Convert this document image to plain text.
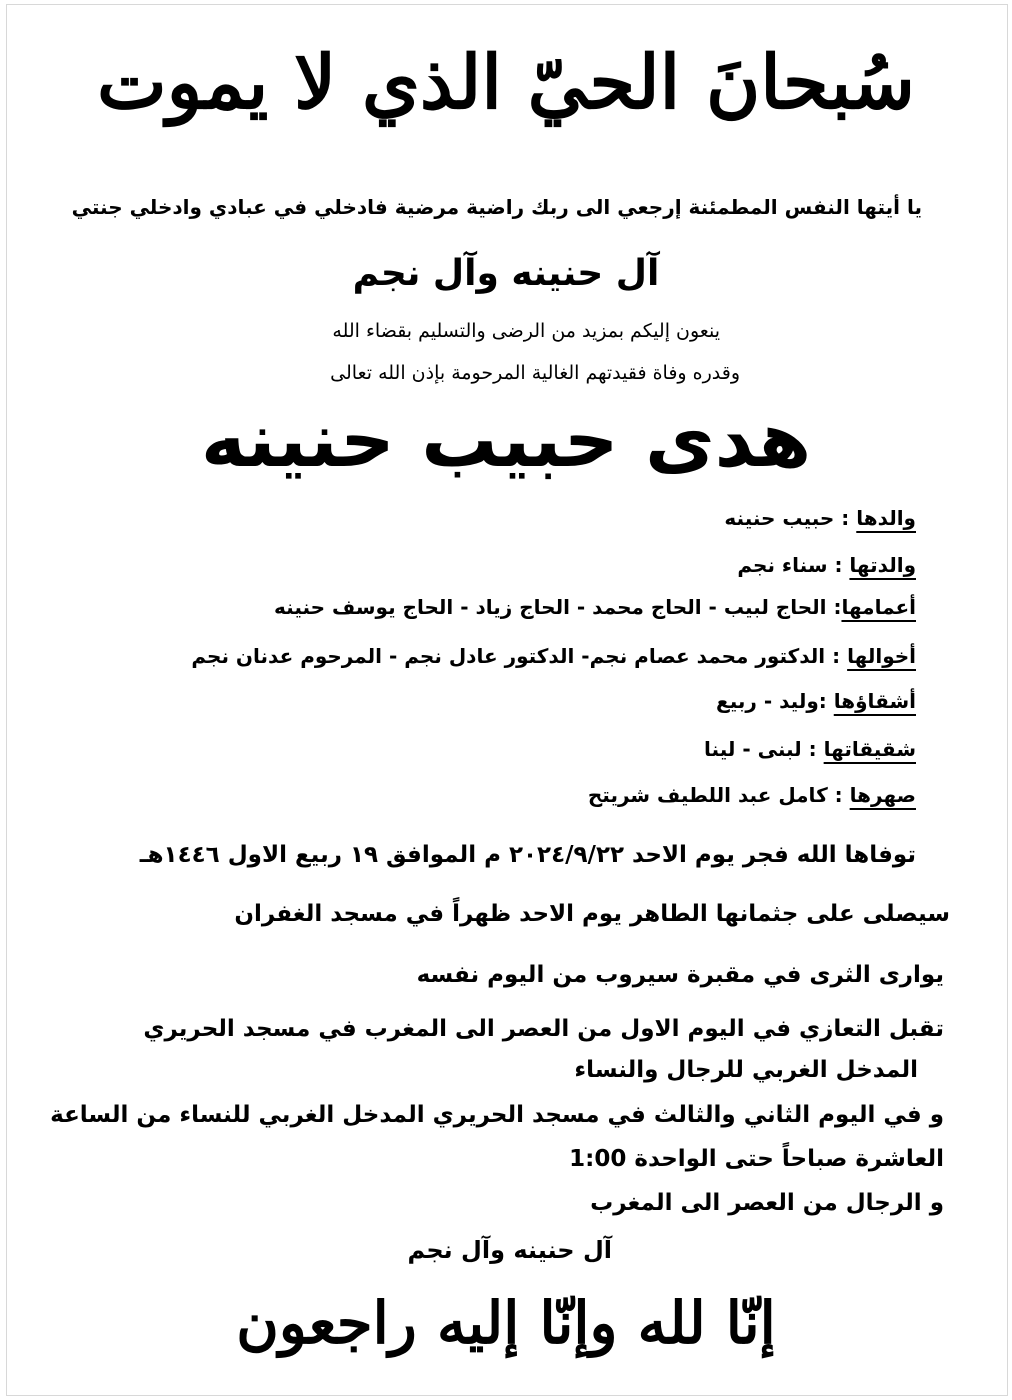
سُبحانَ الحيّ الذي لا يموت
يا أيتها النفس المطمئنة إرجعي الى ربك راضية مرضية فادخلي في عبادي وادخلي جنتي
آل حنينه وآل نجم
ينعون إليكم بمزيد من الرضى والتسليم بقضاء الله
وقدره وفاة فقيدتهم الغالية المرحومة بإذن الله تعالى
هدى حبيب حنينه
والدها : حبيب حنينه
والدتها : سناء نجم
أعمامها: الحاج لبيب - الحاج محمد - الحاج زياد - الحاج يوسف حنينه
أخوالها : الدكتور محمد عصام نجم- الدكتور عادل نجم - المرحوم عدنان نجم
أشقاؤها :وليد - ربيع
شقيقاتها : لبنى - لينا
صهرها : كامل عبد اللطيف شريتح
توفاها الله فجر يوم الاحد ٢٠٢٤/٩/٢٢ م الموافق ١٩ ربيع الاول ١٤٤٦هـ
سيصلى على جثمانها الطاهر يوم الاحد ظهراً في مسجد الغفران
يوارى الثرى في مقبرة سيروب من اليوم نفسه
تقبل التعازي في اليوم الاول من العصر الى المغرب في مسجد الحريري
المدخل الغربي للرجال والنساء
و في اليوم الثاني والثالث في مسجد الحريري المدخل الغربي للنساء من الساعة
العاشرة صباحاً حتى الواحدة 1:00
و الرجال من العصر الى المغرب
آل حنينه وآل نجم
إنّا لله وإنّا إليه راجعون
